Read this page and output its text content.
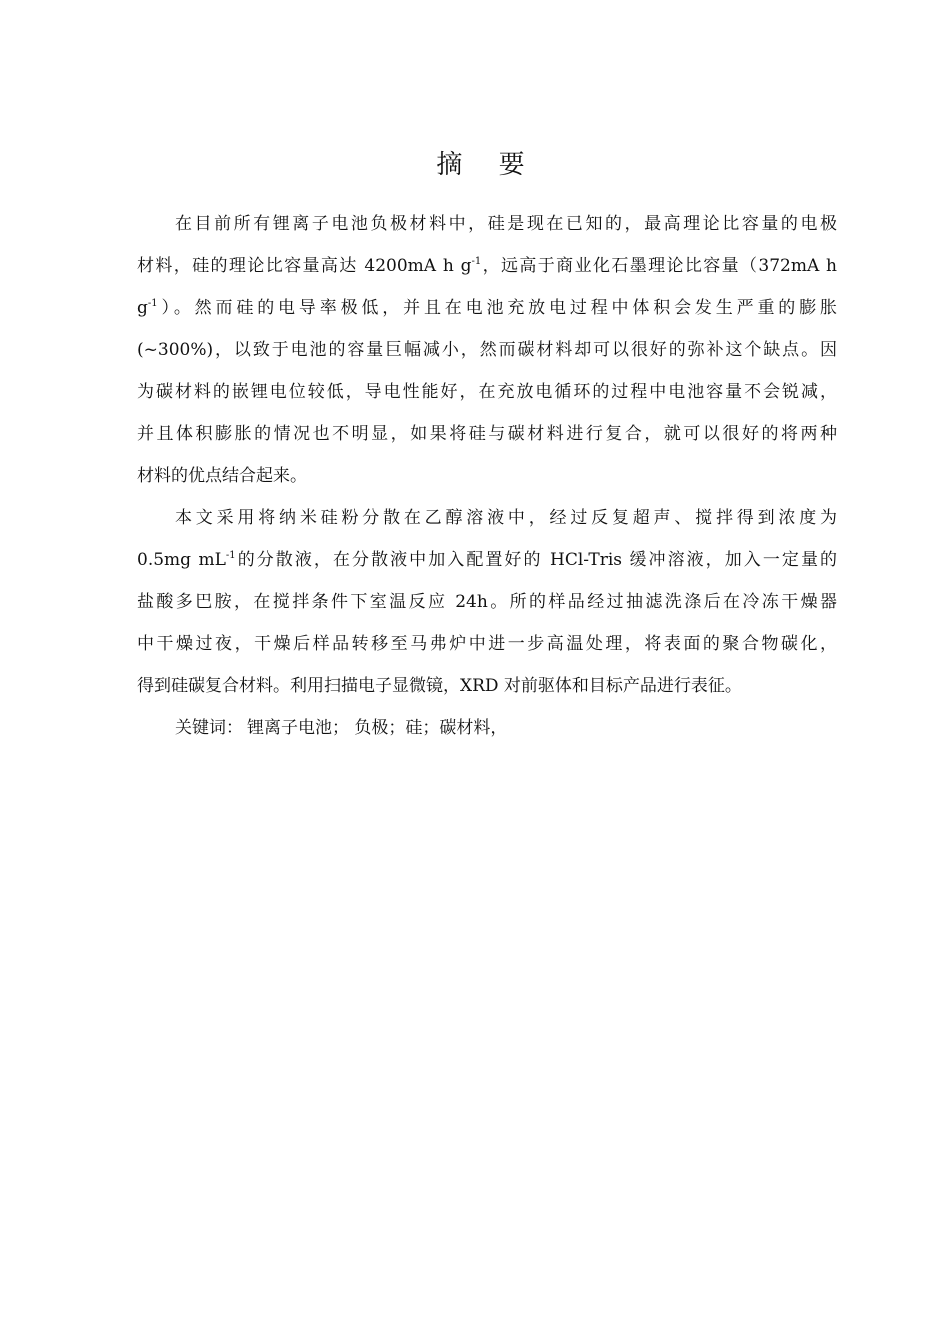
摘 要
在目前所有锂离子电池负极材料中，硅是现在已知的，最高理论比容量的电极
材料，硅的理论比容量高达 4200mA h $g^{-1}$，远高于商业化石墨理论比容量（372mA h
$g^{-1}$）。然而硅的电导率极低，并且在电池充放电过程中体积会发生严重的膨胀
(~300%)，以致于电池的容量巨幅减小，然而碳材料却可以很好的弥补这个缺点。因
为碳材料的嵌锂电位较低，导电性能好，在充放电循环的过程中电池容量不会锐减，
并且体积膨胀的情况也不明显，如果将硅与碳材料进行复合，就可以很好的将两种
材料的优点结合起来。
本文采用将纳米硅粉分散在乙醇溶液中，经过反复超声、搅拌得到浓度为
0.5mg $mL^{-1}$的分散液，在分散液中加入配置好的 HCl-Tris 缓冲溶液，加入一定量的
盐酸多巴胺，在搅拌条件下室温反应 24h。所的样品经过抽滤洗涤后在冷冻干燥器
中干燥过夜，干燥后样品转移至马弗炉中进一步高温处理，将表面的聚合物碳化，
得到硅碳复合材料。利用扫描电子显微镜，XRD 对前驱体和目标产品进行表征。
关键词： 锂离子电池； 负极；硅；碳材料，
